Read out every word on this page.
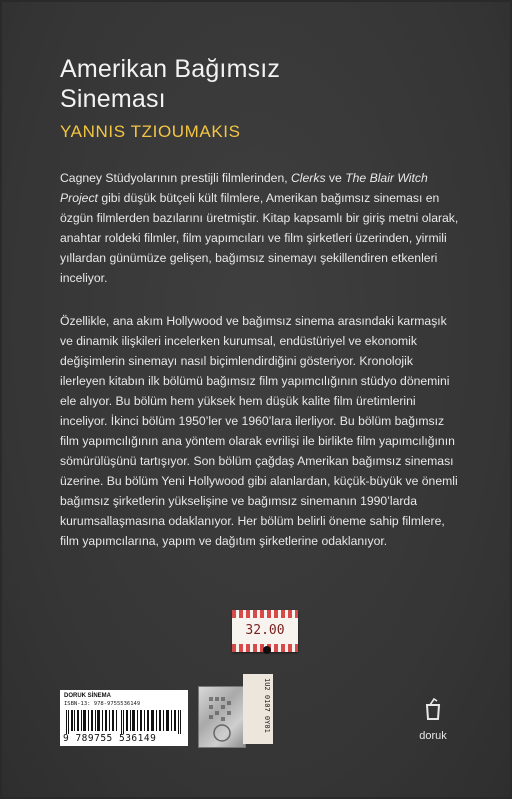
Amerikan Bağımsız
Sineması
YANNIS TZIOUMAKIS
Cagney Stüdyolarının prestijli filmlerinden, Clerks ve The Blair Witch Project gibi düşük bütçeli kült filmlere, Amerikan bağımsız sineması en özgün filmlerden bazılarını üretmiştir. Kitap kapsamlı bir giriş metni olarak, anahtar roldeki filmler, film yapımcıları ve film şirketleri üzerinden, yirmili yıllardan günümüze gelişen, bağımsız sinemayı şekillendiren etkenleri inceliyor.
Özellikle, ana akım Hollywood ve bağımsız sinema arasındaki karmaşık ve dinamik ilişkileri incelerken kurumsal, endüstüriyel ve ekonomik değişimlerin sinemayı nasıl biçimlendirdiğini gösteriyor. Kronolojik ilerleyen kitabın ilk bölümü bağımsız film yapımcılığının stüdyo dönemini ele alıyor. Bu bölüm hem yüksek hem düşük kalite film üretimlerini inceliyor. İkinci bölüm 1950’ler ve 1960’lara ilerliyor. Bu bölüm bağımsız film yapımcılığının ana yöntem olarak evrilişi ile birlikte film yapımcılığının sömürülüşünü tartışıyor. Son bölüm çağdaş Amerikan bağımsız sineması üzerine. Bu bölüm Yeni Hollywood gibi alanlardan, küçük-büyük ve önemli bağımsız şirketlerin yükselişine ve bağımsız sinemanın 1990’larda kurumsallaşmasına odaklanıyor. Her bölüm belirli öneme sahip filmlere, film yapımcılarına, yapım ve dağıtım şirketlerine odaklanıyor.
32.00
DORUK SİNEMA
ISBN-13: 978-9755536149
9 789755 536149
1U2 0107 0Y01
doruk
